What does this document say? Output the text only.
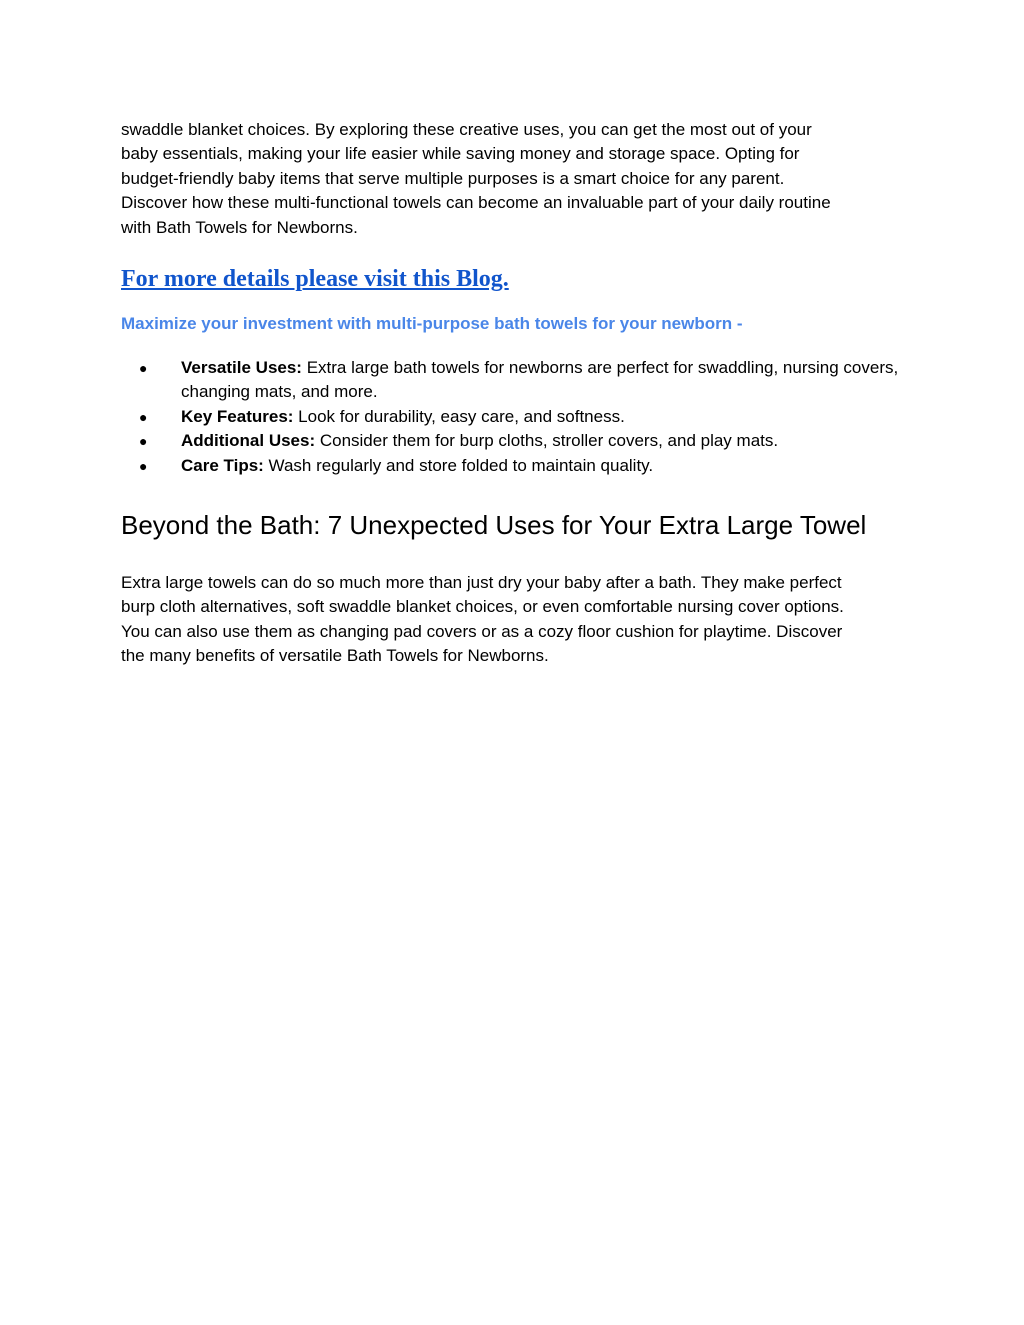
swaddle blanket choices. By exploring these creative uses, you can get the most out of your
baby essentials, making your life easier while saving money and storage space. Opting for
budget-friendly baby items that serve multiple purposes is a smart choice for any parent.
Discover how these multi-functional towels can become an invaluable part of your daily routine
with Bath Towels for Newborns.

For more details please visit this Blog.

Maximize your investment with multi-purpose bath towels for your newborn -

● Versatile Uses: Extra large bath towels for newborns are perfect for swaddling, nursing covers, changing mats, and more.
● Key Features: Look for durability, easy care, and softness.
● Additional Uses: Consider them for burp cloths, stroller covers, and play mats.
● Care Tips: Wash regularly and store folded to maintain quality.
Beyond the Bath: 7 Unexpected Uses for Your Extra Large Towel

Extra large towels can do so much more than just dry your baby after a bath. They make perfect
burp cloth alternatives, soft swaddle blanket choices, or even comfortable nursing cover options.
You can also use them as changing pad covers or as a cozy floor cushion for playtime. Discover
the many benefits of versatile Bath Towels for Newborns.
